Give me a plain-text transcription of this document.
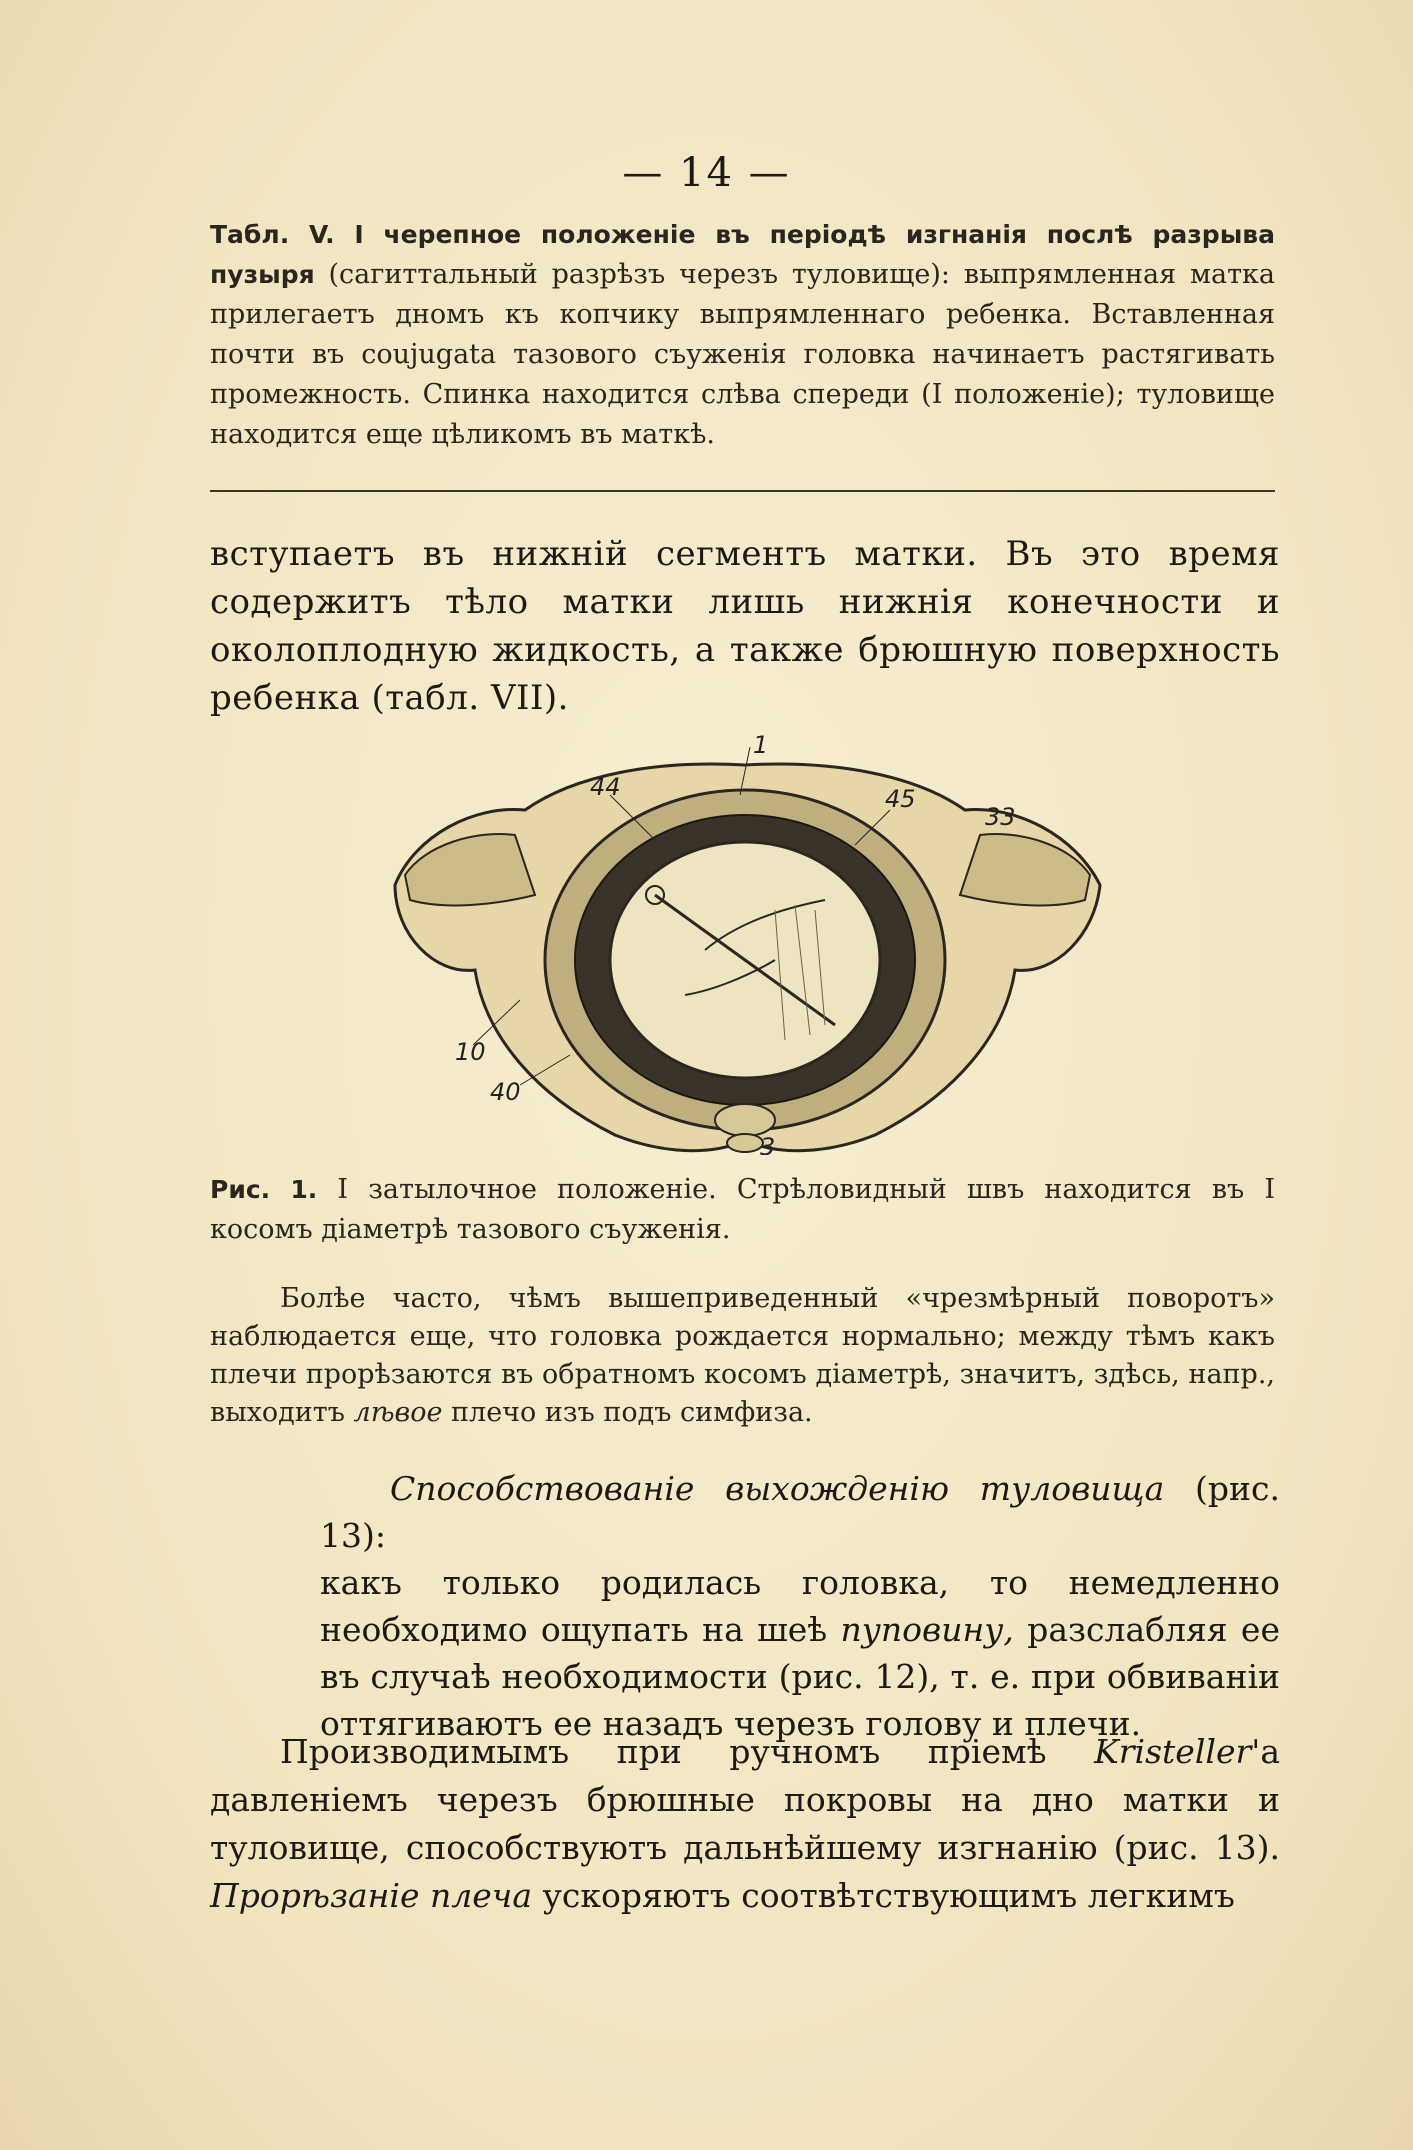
— 14 —
Табл. V. I черепное положеніе въ періодѣ изгнанія послѣ разрыва пузыря (сагиттальный разрѣзъ черезъ туловище): выпрямленная матка прилегаетъ дномъ къ копчику выпрямленнаго ребенка. Вставленная почти въ coujugata тазового съуженія головка начинаетъ растягивать промежность. Спинка находится слѣва спереди (I положеніе); туловище находится еще цѣликомъ въ маткѣ.
вступаетъ въ нижній сегментъ матки. Въ это время содержитъ тѣло матки лишь нижнія конечности и околоплодную жидкость, а также брюшную поверхность ребенка (табл. VII).
1
44	45
33
10
40
3
Рис. 1. I затылочное положеніе. Стрѣловидный швъ находится въ I косомъ діаметрѣ тазового съуженія.
Болѣе часто, чѣмъ вышеприведенный «чрезмѣрный поворотъ» наблюдается еще, что головка рождается нормально; между тѣмъ какъ плечи прорѣзаются въ обратномъ косомъ діаметрѣ, значитъ, здѣсь, напр., выходитъ лѣвое плечо изъ подъ симфиза.
Способствованіе выхожденію туловища (рис. 13):
какъ только родилась головка, то немедленно необходимо ощупать на шеѣ пуповину, разслабляя ее въ случаѣ необходимости (рис. 12), т. е. при обвиваніи оттягиваютъ ее назадъ черезъ голову и плечи.
Производимымъ при ручномъ пріемѣ Kristeller'а давленіемъ черезъ брюшные покровы на дно матки и туловище, способствуютъ дальнѣйшему изгнанію (рис. 13). Прорѣзаніе плеча ускоряютъ соотвѣтствующимъ легкимъ
